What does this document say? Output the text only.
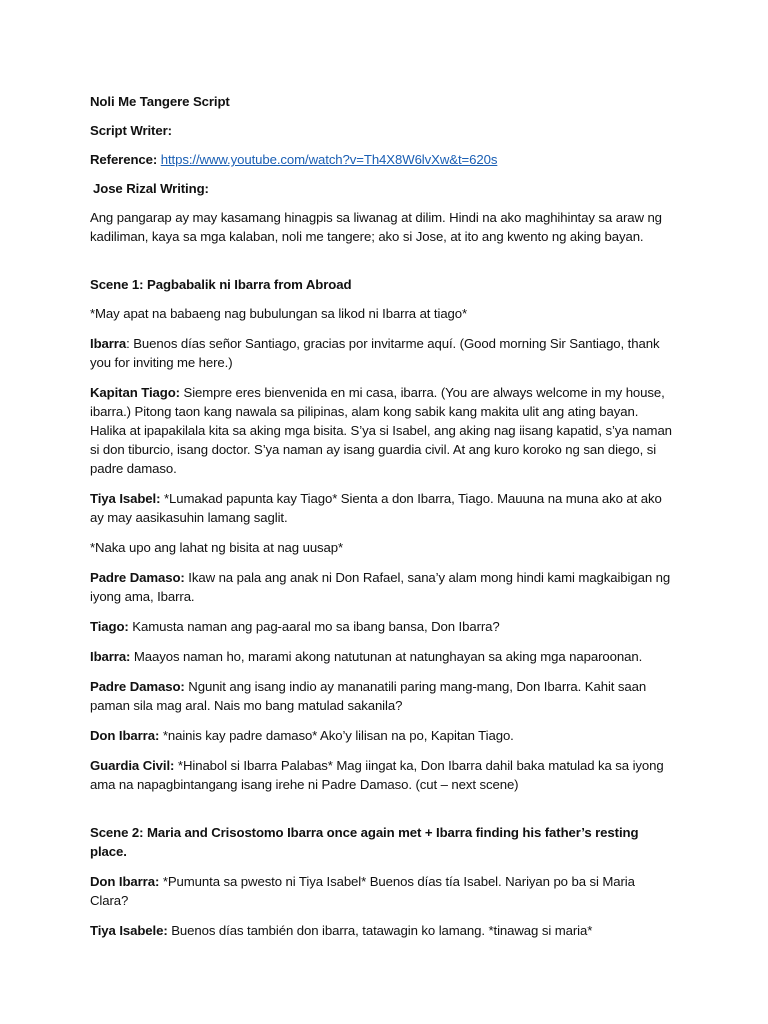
Noli Me Tangere Script

Script Writer:

Reference: https://www.youtube.com/watch?v=Th4X8W6lvXw&t=620s

Jose Rizal Writing:

Ang pangarap ay may kasamang hinagpis sa liwanag at dilim. Hindi na ako maghihintay sa araw ng kadiliman, kaya sa mga kalaban, noli me tangere; ako si Jose, at ito ang kwento ng aking bayan.

Scene 1: Pagbabalik ni Ibarra from Abroad

*May apat na babaeng nag bubulungan sa likod ni Ibarra at tiago*

Ibarra: Buenos días señor Santiago, gracias por invitarme aquí. (Good morning Sir Santiago, thank you for inviting me here.)

Kapitan Tiago: Siempre eres bienvenida en mi casa, ibarra. (You are always welcome in my house, ibarra.) Pitong taon kang nawala sa pilipinas, alam kong sabik kang makita ulit ang ating bayan. Halika at ipapakilala kita sa aking mga bisita. S’ya si Isabel, ang aking nag iisang kapatid, s’ya naman si don tiburcio, isang doctor. S’ya naman ay isang guardia civil. At ang kuro koroko ng san diego, si padre damaso.

Tiya Isabel: *Lumakad papunta kay Tiago* Sienta a don Ibarra, Tiago. Mauuna na muna ako at ako ay may aasikasuhin lamang saglit.

*Naka upo ang lahat ng bisita at nag uusap*

Padre Damaso: Ikaw na pala ang anak ni Don Rafael, sana’y alam mong hindi kami magkaibigan ng iyong ama, Ibarra.

Tiago: Kamusta naman ang pag-aaral mo sa ibang bansa, Don Ibarra?

Ibarra: Maayos naman ho, marami akong natutunan at natunghayan sa aking mga naparoonan.

Padre Damaso: Ngunit ang isang indio ay mananatili paring mang-mang, Don Ibarra. Kahit saan paman sila mag aral. Nais mo bang matulad sakanila?

Don Ibarra: *nainis kay padre damaso* Ako’y lilisan na po, Kapitan Tiago.

Guardia Civil: *Hinabol si Ibarra Palabas* Mag iingat ka, Don Ibarra dahil baka matulad ka sa iyong ama na napagbintangang isang irehe ni Padre Damaso. (cut – next scene)

Scene 2: Maria and Crisostomo Ibarra once again met + Ibarra finding his father’s resting place.

Don Ibarra: *Pumunta sa pwesto ni Tiya Isabel* Buenos días tía Isabel. Nariyan po ba si Maria Clara?

Tiya Isabele: Buenos días también don ibarra, tatawagin ko lamang. *tinawag si maria*
